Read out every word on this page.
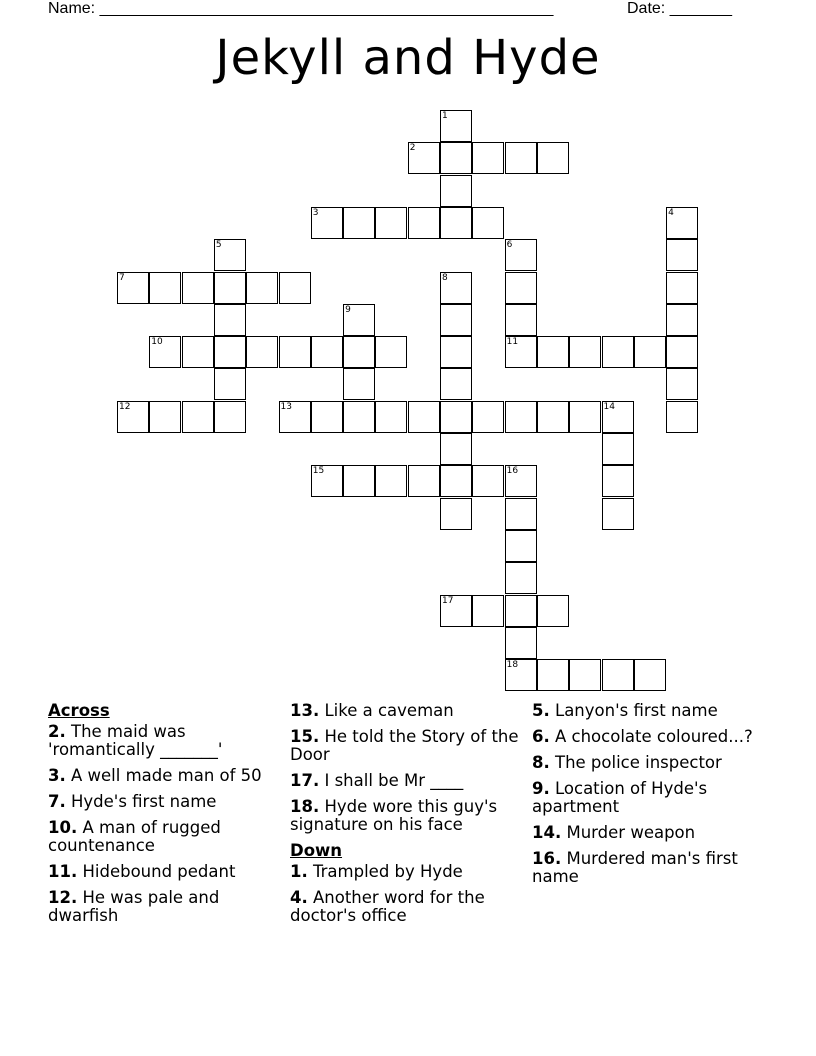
Name: ___________________________________________________	Date: _______
Jekyll and Hyde
1
2
3	4
5	6
11
7	8
9
10
12	13	14
15	16
18
17
Across
2. The maid was 'romantically _______'
3. A well made man of 50
7. Hyde's first name
10. A man of rugged countenance
11. Hidebound pedant
12. He was pale and dwarfish
13. Like a caveman
15. He told the Story of the Door
17. I shall be Mr ____
18. Hyde wore this guy's signature on his face
Down
1. Trampled by Hyde
4. Another word for the doctor's office
5. Lanyon's first name
6. A chocolate coloured...?
8. The police inspector
9. Location of Hyde's apartment
14. Murder weapon
16. Murdered man's first name
